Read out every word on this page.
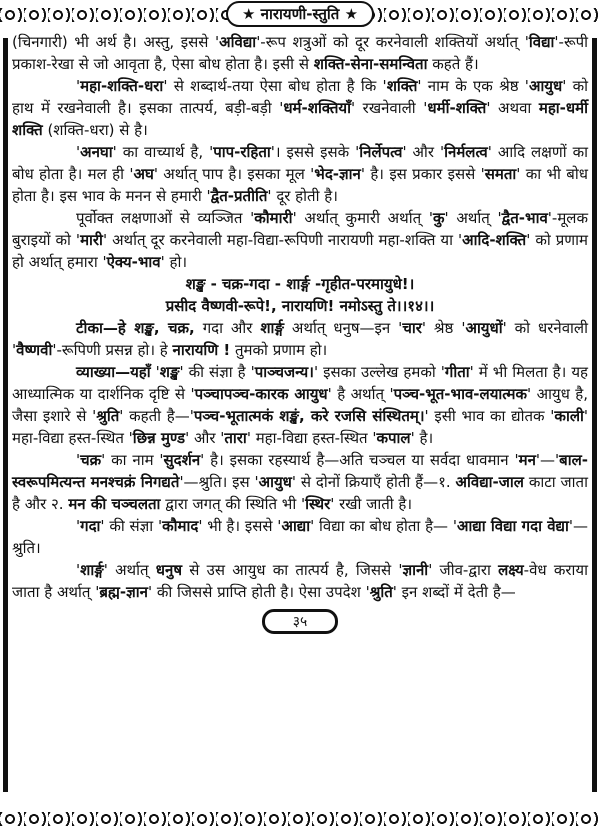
★ नारायणी-स्तुति ★

(चिनगारी) भी अर्थ है। अस्तु, इससे 'अविद्या'-रूप शत्रुओं को दूर करनेवाली शक्तियों अर्थात् 'विद्या'-रूपी प्रकाश-रेखा से जो आवृता है, ऐसा बोध होता है। इसी से शक्ति-सेना-समन्विता कहते हैं।

'महा-शक्ति-धरा' से शब्दार्थ-तया ऐसा बोध होता है कि 'शक्ति' नाम के एक श्रेष्ठ 'आयुध' को हाथ में रखनेवाली है। इसका तात्पर्य, बड़ी-बड़ी 'धर्म-शक्तियाँ' रखनेवाली 'धर्मी-शक्ति' अथवा महा-धर्मी शक्ति (शक्ति-धरा) से है।

'अनघा' का वाच्यार्थ है, 'पाप-रहिता'। इससे इसके 'निर्लेपत्व' और 'निर्मलत्व' आदि लक्षणों का बोध होता है। मल ही 'अघ' अर्थात् पाप है। इसका मूल 'भेद-ज्ञान' है। इस प्रकार इससे 'समता' का भी बोध होता है। इस भाव के मनन से हमारी 'द्वैत-प्रतीति' दूर होती है।

पूर्वोक्त लक्षणाओं से व्यञ्जित 'कौमारी' अर्थात् कुमारी अर्थात् 'कु' अर्थात् 'द्वैत-भाव'-मूलक बुराइयों को 'मारी' अर्थात् दूर करनेवाली महा-विद्या-रूपिणी नारायणी महा-शक्ति या 'आदि-शक्ति' को प्रणाम हो अर्थात् हमारा 'ऐक्य-भाव' हो।

शङ्ख - चक्र-गदा - शार्ङ्ग -गृहीत-परमायुधे!।
प्रसीद वैष्णवी-रूपे!, नारायणि! नमोऽस्तु ते।।१४।।

टीका—हे शङ्ख, चक्र, गदा और शार्ङ्ग अर्थात् धनुष—इन 'चार' श्रेष्ठ 'आयुधों' को धरनेवाली 'वैष्णवी'-रूपिणी प्रसन्न हो। हे नारायणि ! तुमको प्रणाम हो।

व्याख्या—यहाँ 'शङ्ख' की संज्ञा है 'पाञ्चजन्य।' इसका उल्लेख हमको 'गीता' में भी मिलता है। यह आध्यात्मिक या दार्शनिक दृष्टि से 'पञ्चापञ्च-कारक आयुध' है अर्थात् 'पञ्च-भूत-भाव-लयात्मक' आयुध है, जैसा इशारे से 'श्रुति' कहती है—'पञ्च-भूतात्मकं शङ्खं, करे रजसि संस्थितम्।' इसी भाव का द्योतक 'काली' महा-विद्या हस्त-स्थित 'छिन्न मुण्ड' और 'तारा' महा-विद्या हस्त-स्थित 'कपाल' है।

'चक्र' का नाम 'सुदर्शन' है। इसका रहस्यार्थ है—अति चञ्चल या सर्वदा धावमान 'मन'—'बाल-स्वरूपमित्यन्त मनश्चक्रं निगद्यते'—श्रुति। इस 'आयुध' से दोनों क्रियाएँ होती हैं—१. अविद्या-जाल काटा जाता है और २. मन की चञ्चलता द्वारा जगत् की स्थिति भी 'स्थिर' रखी जाती है।

'गदा' की संज्ञा 'कौमाद' भी है। इससे 'आद्या' विद्या का बोध होता है— 'आद्या विद्या गदा वेद्या'—श्रुति।

'शार्ङ्ग' अर्थात् धनुष से उस आयुध का तात्पर्य है, जिससे 'ज्ञानी' जीव-द्वारा लक्ष्य-वेध कराया जाता है अर्थात् 'ब्रह्म-ज्ञान' की जिससे प्राप्ति होती है। ऐसा उपदेश 'श्रुति' इन शब्दों में देती है—

३५
